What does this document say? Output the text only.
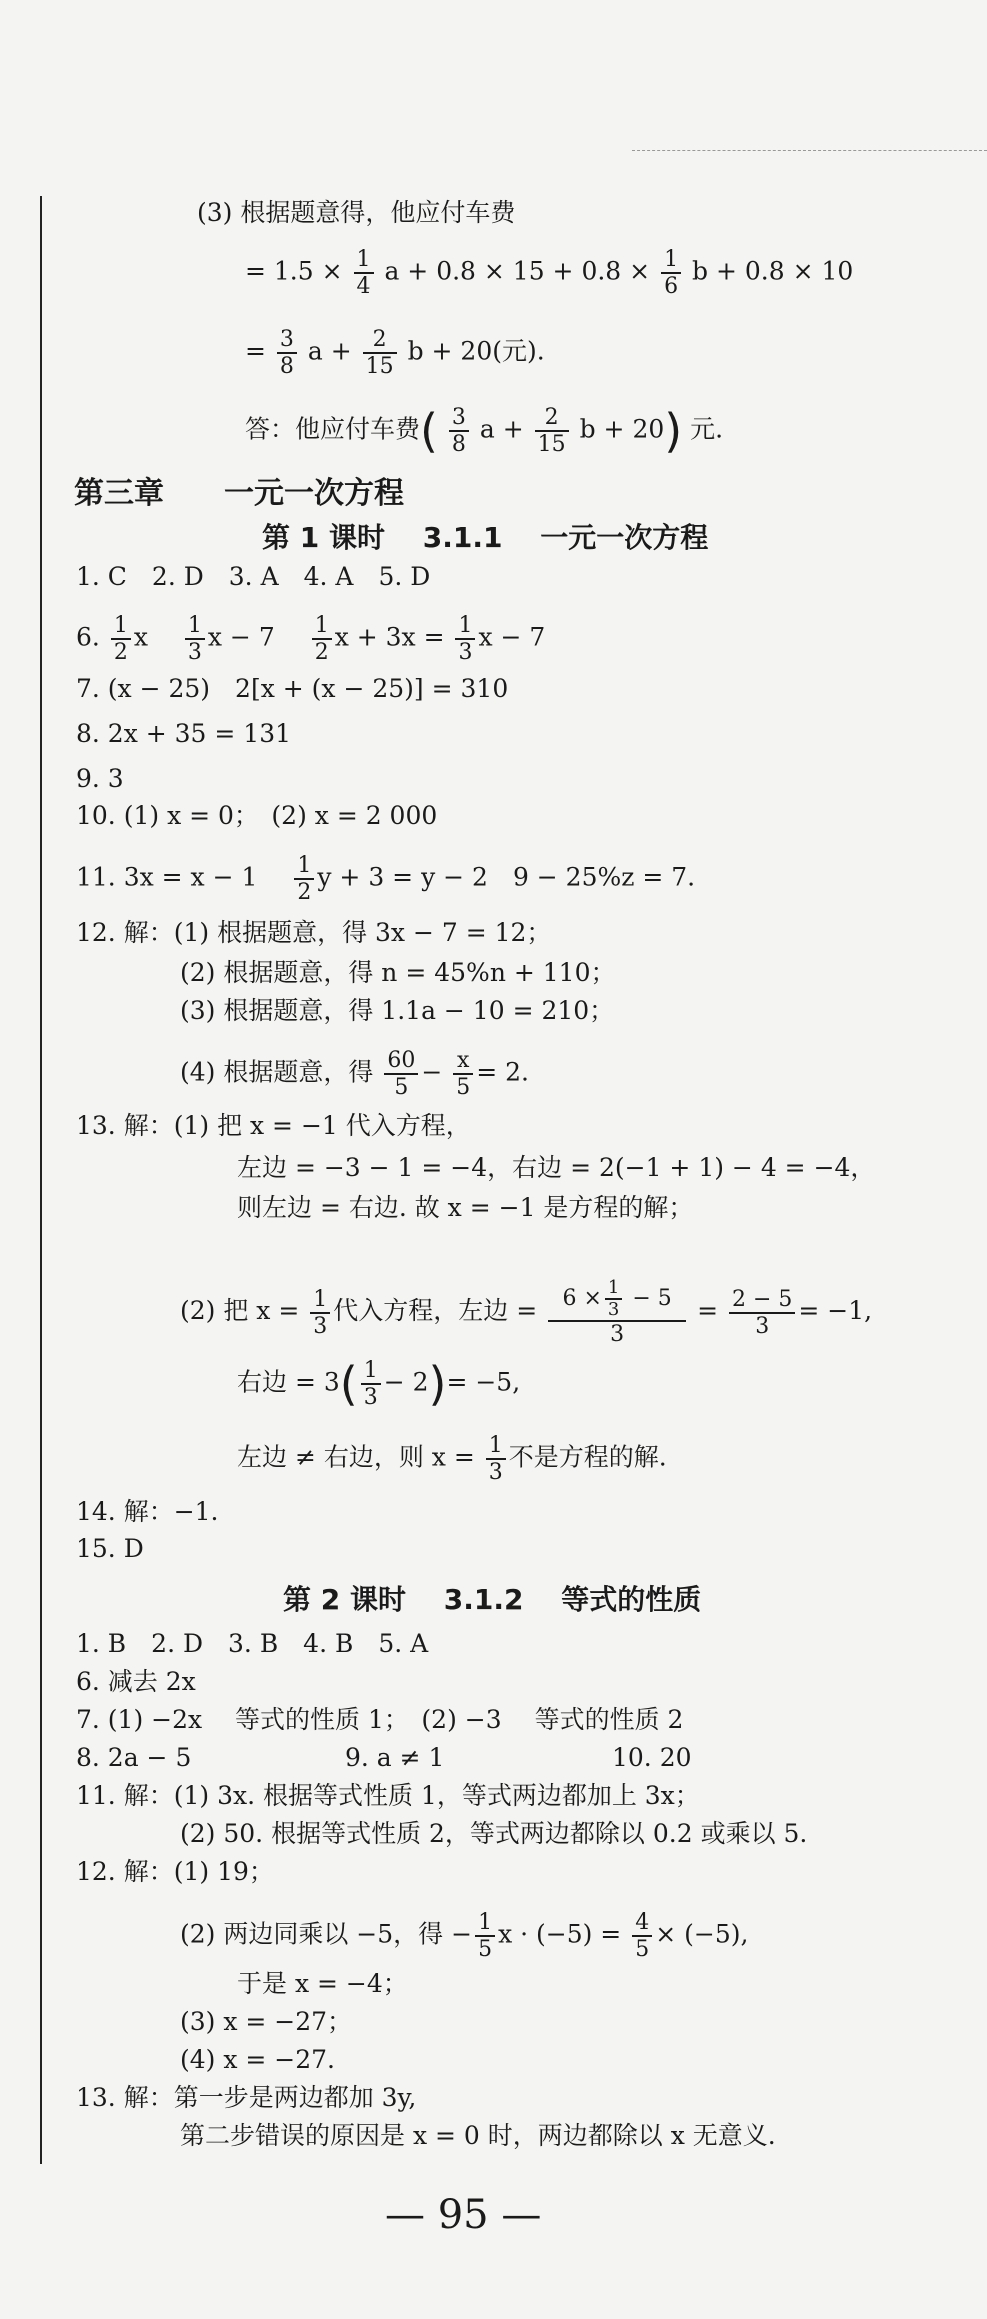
(3) 根据题意得，他应付车费
= $1.5 \times \frac{1}{4}$ $a + 0.8 \times 15 + 0.8 \times \frac{1}{6}$ b + 0.8 × 10
= $\frac{3}{8}$ $a + \frac{2}{15}$ b + 20(元).
答：他应付车费( $\frac{3}{8}$ $a + \frac{2}{15}$ b + 20) 元.
第三章　　一元一次方程
第 1 课时　 3.1.1　 一元一次方程
1. C　2. D　3. A　4. A　5. D
6. $\frac{1}{2}$ x $\frac{1}{3}$ $x - 7 \frac{1}{2}$ $x + 3x = \frac{1}{3}$ x − 7
7. (x − 25)　2[x + (x − 25)] = 310
8. 2x + 35 = 131
9. 3
10. (1) x = 0；　(2) x = 2 000
11. $3x = x - 1 \frac{1}{2}$ y + 3 = y − 2　9 − 25%z = 7.
12. 解：(1) 根据题意，得 3x − 7 = 12；
(2) 根据题意，得 n = 45%n + 110；
(3) 根据题意，得 1.1a − 10 = 210；
(4) 根据题意，得 $\frac{60}{5} - \frac{x}{5} = 2$.
13. 解：(1) 把 x = −1 代入方程，
左边 = −3 − 1 = −4，右边 = 2(−1 + 1) − 4 = −4，
则左边 = 右边. 故 x = −1 是方程的解；
(2) 把 $x = \frac{1}{3}$ 代入方程，左边 = $\frac{6 \times \frac{1}{3} - 5}{3} = \frac{2 - 5}{3} = -1$,
右边 = $3( \frac{1}{3} - 2)= -5$,
左边 ≠ 右边，则 $x = \frac{1}{3}$ 不是方程的解.
14. 解：−1.
15. D
第 2 课时　 3.1.2　 等式的性质
1. B　2. D　3. B　4. B　5. A
6. 减去 2x
7. (1) −2x　 等式的性质 1；　(2) −3　 等式的性质 2
8. 2a − 5	9. a ≠ 1	10. 20
11. 解：(1) 3x. 根据等式性质 1，等式两边都加上 3x；
(2) 50. 根据等式性质 2，等式两边都除以 0.2 或乘以 5.
12. 解：(1) 19；
(2) 两边同乘以 −5，得 − $\frac{1}{5}$ $x \cdot (-5) = \frac{4}{5} \times (-5)$,
于是 x = −4；
(3) x = −27；
(4) x = −27.
13. 解：第一步是两边都加 3y,
第二步错误的原因是 x = 0 时，两边都除以 x 无意义.
— 95 —
